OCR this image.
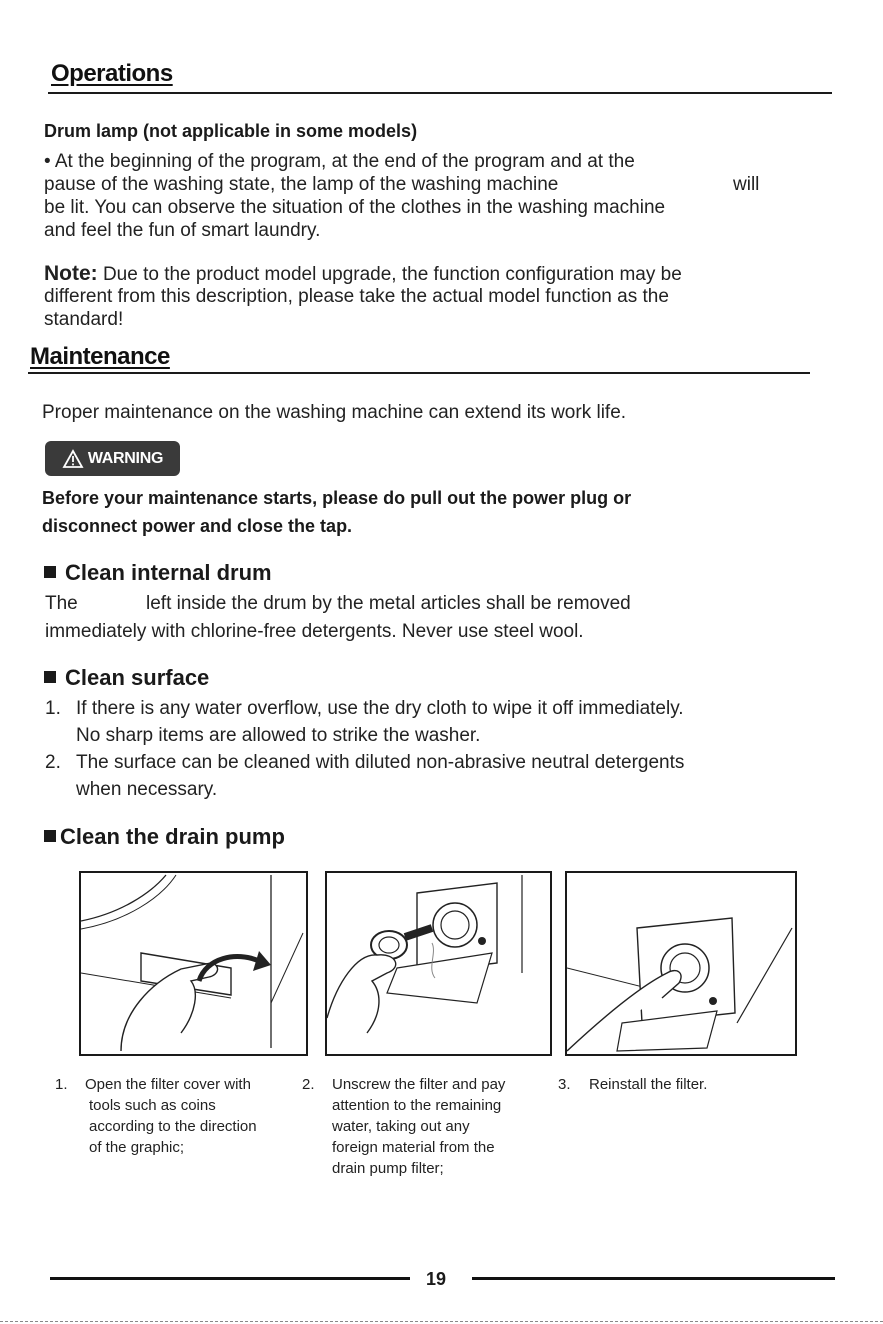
Operations
Drum lamp (not applicable in some models)
• At the beginning of the program, at the end of the program and at the
pause of the washing state, the lamp of the washing machine	will
be lit. You can observe the situation of the clothes in the washing machine
and feel the fun of smart laundry.
Note: Due to the product model upgrade, the function configuration may be
different from this description, please take the actual model function as the
standard!
Maintenance
Proper maintenance on the washing machine can extend its work life.
WARNING
Before your maintenance starts, please do pull out the power plug or
disconnect power and close the tap.
Clean internal drum
The	left inside the drum by the metal articles shall be removed
immediately with chlorine-free detergents. Never use steel wool.
Clean surface
1. If there is any water overflow, use the dry cloth to wipe it off immediately.
No sharp items are allowed to strike the washer.
2. The surface can be cleaned with diluted non-abrasive neutral detergents
when necessary.
Clean the drain pump
1. Open the filter cover with
tools such as coins
according to the direction
of the graphic;
2. Unscrew the filter and pay
attention to the remaining
water, taking out any
foreign material from the
drain pump filter;
3. Reinstall the filter.
19
